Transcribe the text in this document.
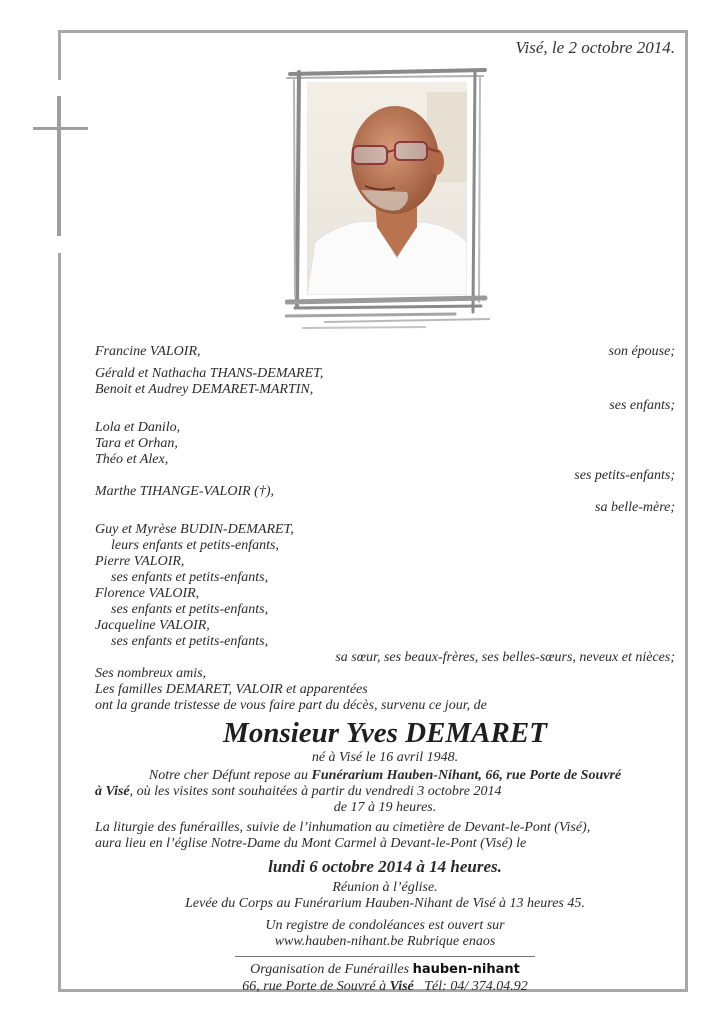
Visé, le 2 octobre 2014.
Francine VALOIR,	son épouse;
Gérald et Nathacha THANS-DEMARET,
Benoit et Audrey DEMARET-MARTIN,
ses enfants;
Lola et Danilo,
Tara et Orhan,
Théo et Alex,
ses petits-enfants;
Marthe TIHANGE-VALOIR (†),
sa belle-mère;
Guy et Myrèse BUDIN-DEMARET,
leurs enfants et petits-enfants,
Pierre VALOIR,
ses enfants et petits-enfants,
Florence VALOIR,
ses enfants et petits-enfants,
Jacqueline VALOIR,
ses enfants et petits-enfants,
sa sœur, ses beaux-frères, ses belles-sœurs, neveux et nièces;
Ses nombreux amis,
Les familles DEMARET, VALOIR et apparentées
ont la grande tristesse de vous faire part du décès, survenu ce jour, de
Monsieur Yves DEMARET
né à Visé le 16 avril 1948.
Notre cher Défunt repose au Funérarium Hauben-Nihant, 66, rue Porte de Souvré
à Visé, où les visites sont souhaitées à partir du vendredi 3 octobre 2014
de 17 à 19 heures.
La liturgie des funérailles, suivie de l’inhumation au cimetière de Devant-le-Pont (Visé),
aura lieu en l’église Notre-Dame du Mont Carmel à Devant-le-Pont (Visé) le
lundi 6 octobre 2014 à 14 heures.
Réunion à l’église.
Levée du Corps au Funérarium Hauben-Nihant de Visé à 13 heures 45.
Un registre de condoléances est ouvert sur
www.hauben-nihant.be Rubrique enaos
Organisation de Funérailles hauben-nihant
66, rue Porte de Souvré à Visé Tél: 04/ 374.04.92
